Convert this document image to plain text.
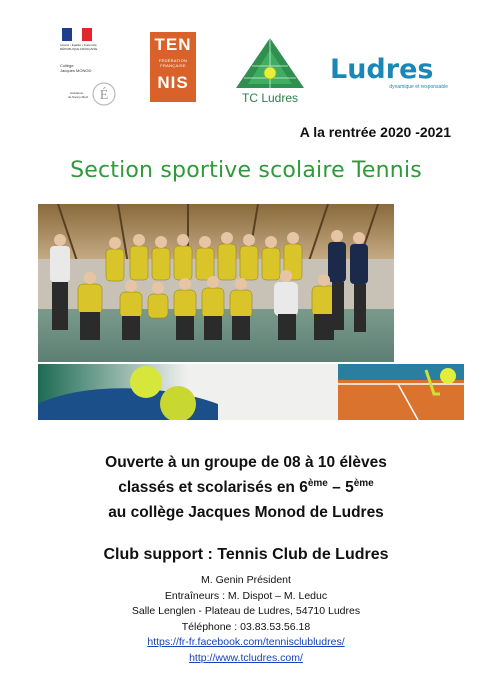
Liberté • Égalité • Fraternité
RÉPUBLIQUE FRANÇAISE
Collège
Jacques MONOD
Académie
de Nancy-Metz É
TEN
FÉDÉRATION FRANÇAISE
NIS
TC Ludres
Ludres
dynamique et responsable
A la rentrée 2020 -2021
Section sportive scolaire Tennis
Ouverte à un groupe de 08 à 10 élèves
classés et scolarisés en 6ème – 5ème
au collège Jacques Monod de Ludres
Club support : Tennis Club de Ludres
M. Genin Président
Entraîneurs : M. Dispot – M. Leduc
Salle Lenglen - Plateau de Ludres, 54710 Ludres
Téléphone : 03.83.53.56.18
https://fr-fr.facebook.com/tennisclubludres/
http://www.tcludres.com/
